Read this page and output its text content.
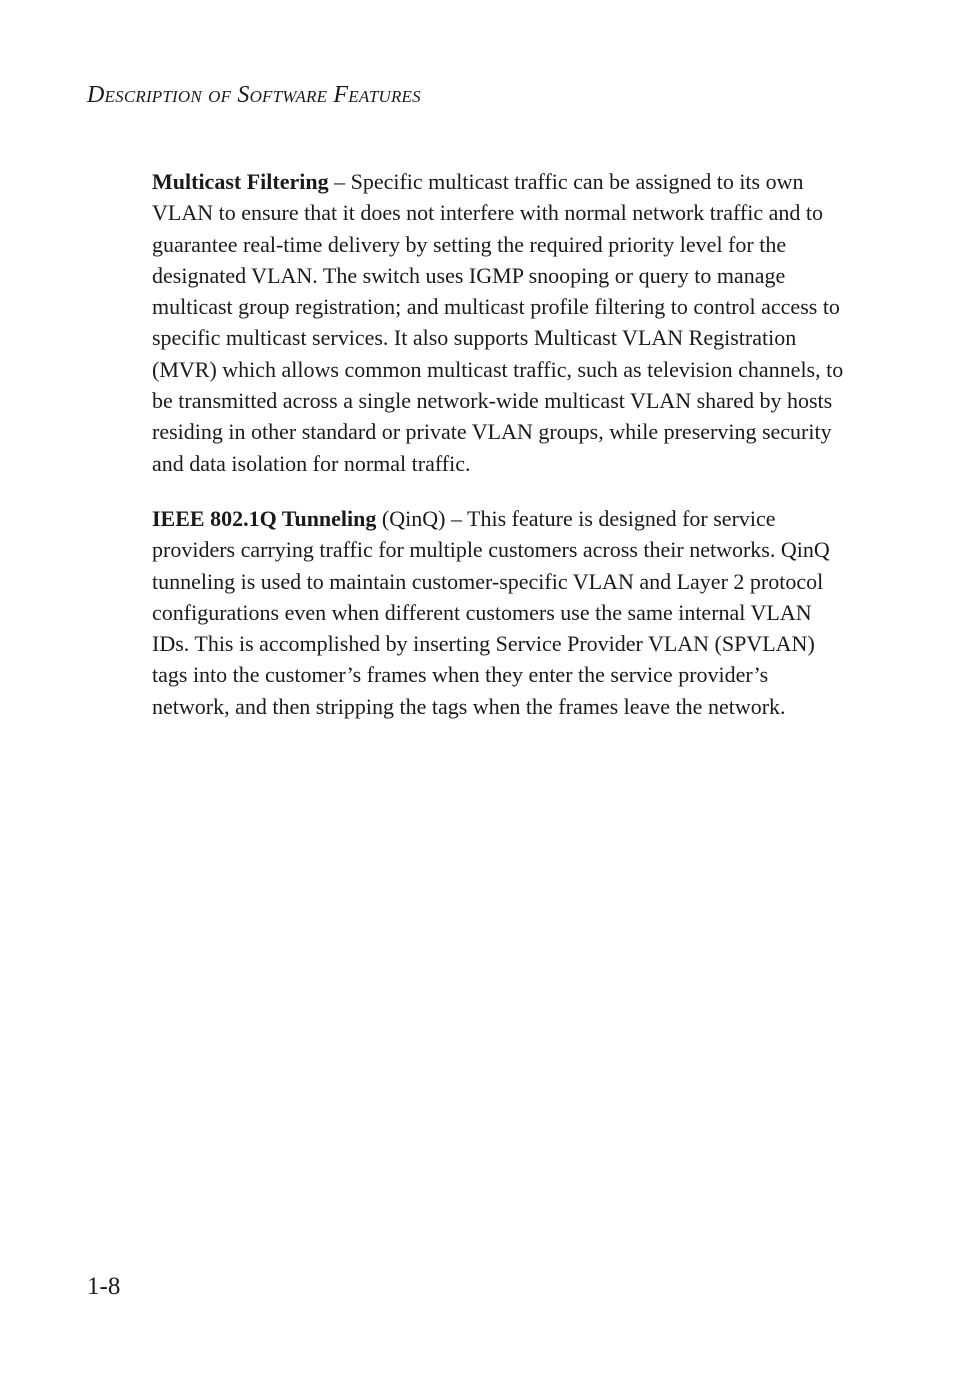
Description of Software Features

Multicast Filtering – Specific multicast traffic can be assigned to its own VLAN to ensure that it does not interfere with normal network traffic and to guarantee real-time delivery by setting the required priority level for the designated VLAN. The switch uses IGMP snooping or query to manage multicast group registration; and multicast profile filtering to control access to specific multicast services. It also supports Multicast VLAN Registration (MVR) which allows common multicast traffic, such as television channels, to be transmitted across a single network-wide multicast VLAN shared by hosts residing in other standard or private VLAN groups, while preserving security and data isolation for normal traffic.

IEEE 802.1Q Tunneling (QinQ) – This feature is designed for service providers carrying traffic for multiple customers across their networks. QinQ tunneling is used to maintain customer-specific VLAN and Layer 2 protocol configurations even when different customers use the same internal VLAN IDs. This is accomplished by inserting Service Provider VLAN (SPVLAN) tags into the customer’s frames when they enter the service provider’s network, and then stripping the tags when the frames leave the network.

1-8
